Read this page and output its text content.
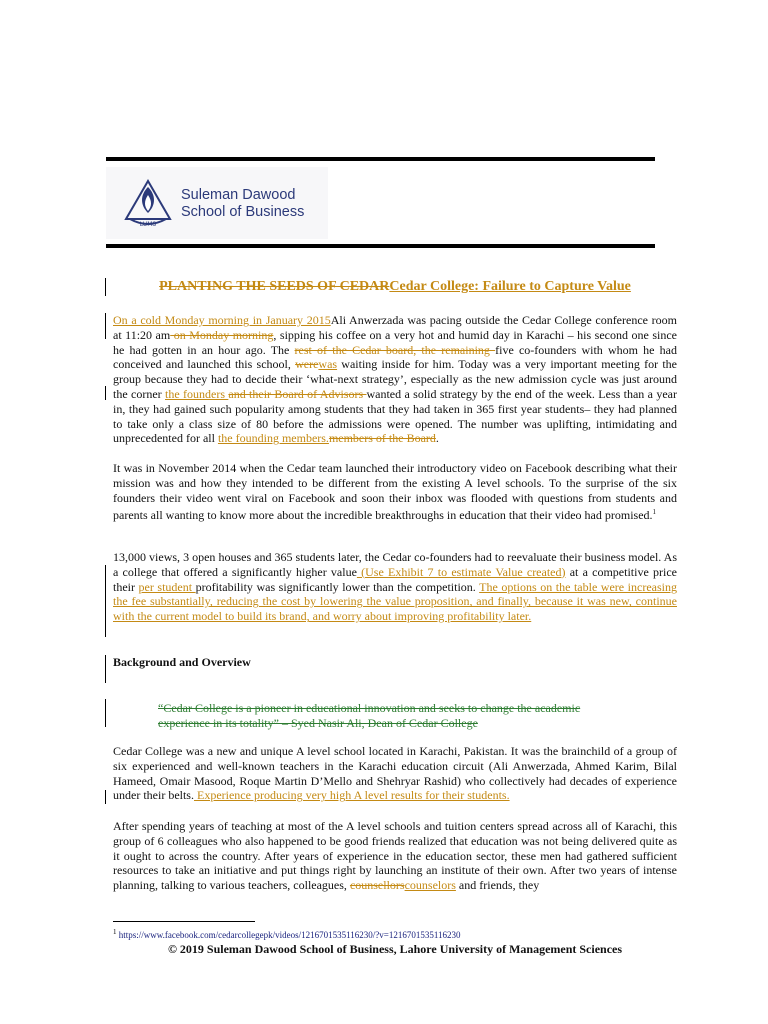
LUMS
Suleman Dawood
School of Business
PLANTING THE SEEDS OF CEDARCedar College: Failure to Capture Value

On a cold Monday morning in January 2015Ali Anwerzada was pacing outside the Cedar College conference room at 11:20 am on Monday morning, sipping his coffee on a very hot and humid day in Karachi – his second one since he had gotten in an hour ago. The rest of the Cedar board, the remaining five co-founders with whom he had conceived and launched this school, werewas waiting inside for him. Today was a very important meeting for the group because they had to decide their ‘what-next strategy’, especially as the new admission cycle was just around the corner the founders and their Board of Advisors wanted a solid strategy by the end of the week. Less than a year in, they had gained such popularity among students that they had taken in 365 first year students– they had planned to take only a class size of 80 before the admissions were opened. The number was uplifting, intimidating and unprecedented for all the founding members.members of the Board.

It was in November 2014 when the Cedar team launched their introductory video on Facebook describing what their mission was and how they intended to be different from the existing A level schools. To the surprise of the six founders their video went viral on Facebook and soon their inbox was flooded with questions from students and parents all wanting to know more about the incredible breakthroughs in education that their video had promised.$^1$

13,000 views, 3 open houses and 365 students later, the Cedar co-founders had to reevaluate their business model. As a college that offered a significantly higher value (Use Exhibit 7 to estimate Value created) at a competitive price their per student profitability was significantly lower than the competition. The options on the table were increasing the fee substantially, reducing the cost by lowering the value proposition, and finally, because it was new, continue with the current model to build its brand, and worry about improving profitability later.

Background and Overview

“Cedar College is a pioneer in educational innovation and seeks to change the academic experience in its totality” – Syed Nasir Ali, Dean of Cedar College

Cedar College was a new and unique A level school located in Karachi, Pakistan. It was the brainchild of a group of six experienced and well-known teachers in the Karachi education circuit (Ali Anwerzada, Ahmed Karim, Bilal Hameed, Omair Masood, Roque Martin D’Mello and Shehryar Rashid) who collectively had decades of experience under their belts. Experience producing very high A level results for their students.

After spending years of teaching at most of the A level schools and tuition centers spread across all of Karachi, this group of 6 colleagues who also happened to be good friends realized that education was not being delivered quite as it ought to across the country. After years of experience in the education sector, these men had gathered sufficient resources to take an initiative and put things right by launching an institute of their own. After two years of intense planning, talking to various teachers, colleagues, counsellorscounselors and friends, they

$^1$ https://www.facebook.com/cedarcollegepk/videos/1216701535116230/?v=1216701535116230
© 2019 Suleman Dawood School of Business, Lahore University of Management Sciences
